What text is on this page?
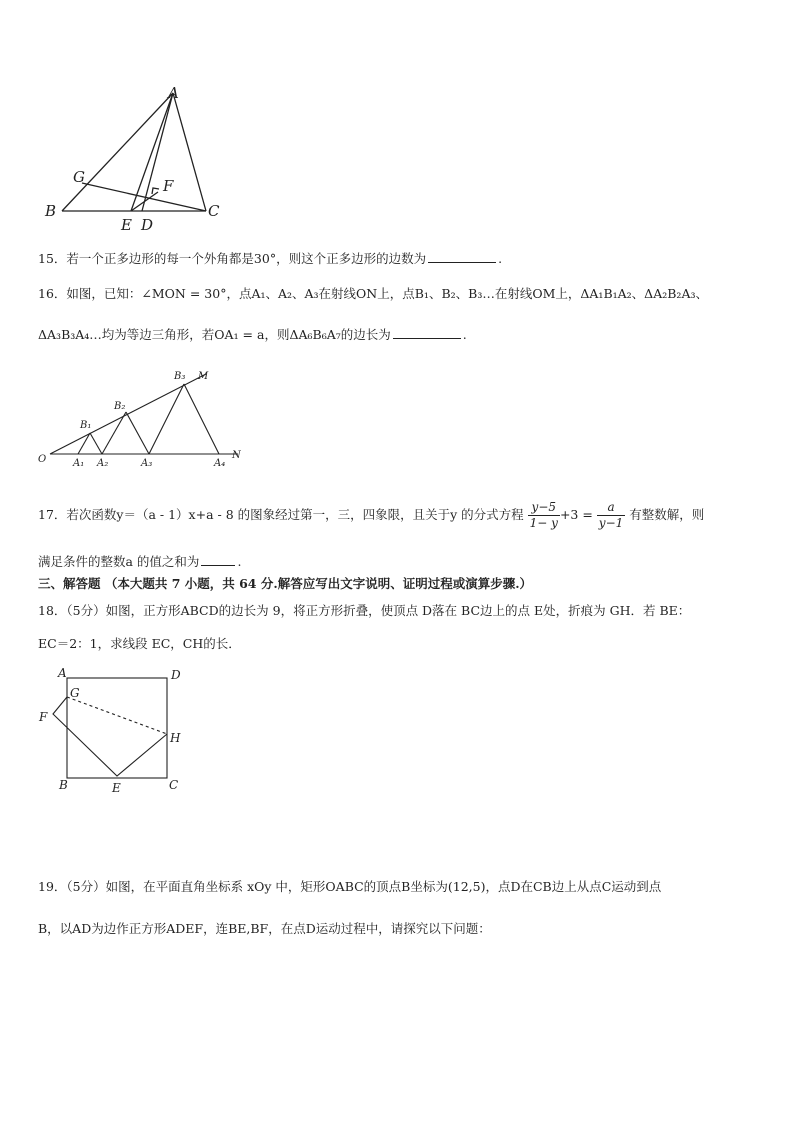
A
G	F
B
E D
C
15．若一个正多边形的每一个外角都是30°，则这个正多边形的边数为	.
16．如图，已知：∠MON = 30°，点A₁、A₂、A₃在射线ON上，点B₁、B₂、B₃…在射线OM上，ΔA₁B₁A₂、ΔA₂B₂A₃、
ΔA₃B₃A₄…均为等边三角形，若OA₁ = a，则ΔA₆B₆A₇的边长为	.
B₃ M
B₂
B₁
O	A₁ A₂	A₃	A₄
N
17．若次函数y＝（a - 1）x+a - 8 的图象经过第一，三，四象限，且关于y 的分式方程 $\frac{y-5}{1- y} +3 = \frac{a}{y-1}$ 有整数解，则
满足条件的整数a 的值之和为	.
三、解答题 （本大题共 7 小题，共 64 分.解答应写出文字说明、证明过程或演算步骤.）
18．（5分）如图，正方形ABCD的边长为 9，将正方形折叠，使顶点 D落在 BC边上的点 E处，折痕为 GH．若 BE：
EC＝2：1，求线段 EC，CH的长．
A	D
G
F
H
B	E	C
19．（5分）如图，在平面直角坐标系 xOy 中，矩形OABC的顶点B坐标为(12,5)，点D在CB边上从点C运动到点
B，以AD为边作正方形ADEF，连BE,BF，在点D运动过程中，请探究以下问题：
